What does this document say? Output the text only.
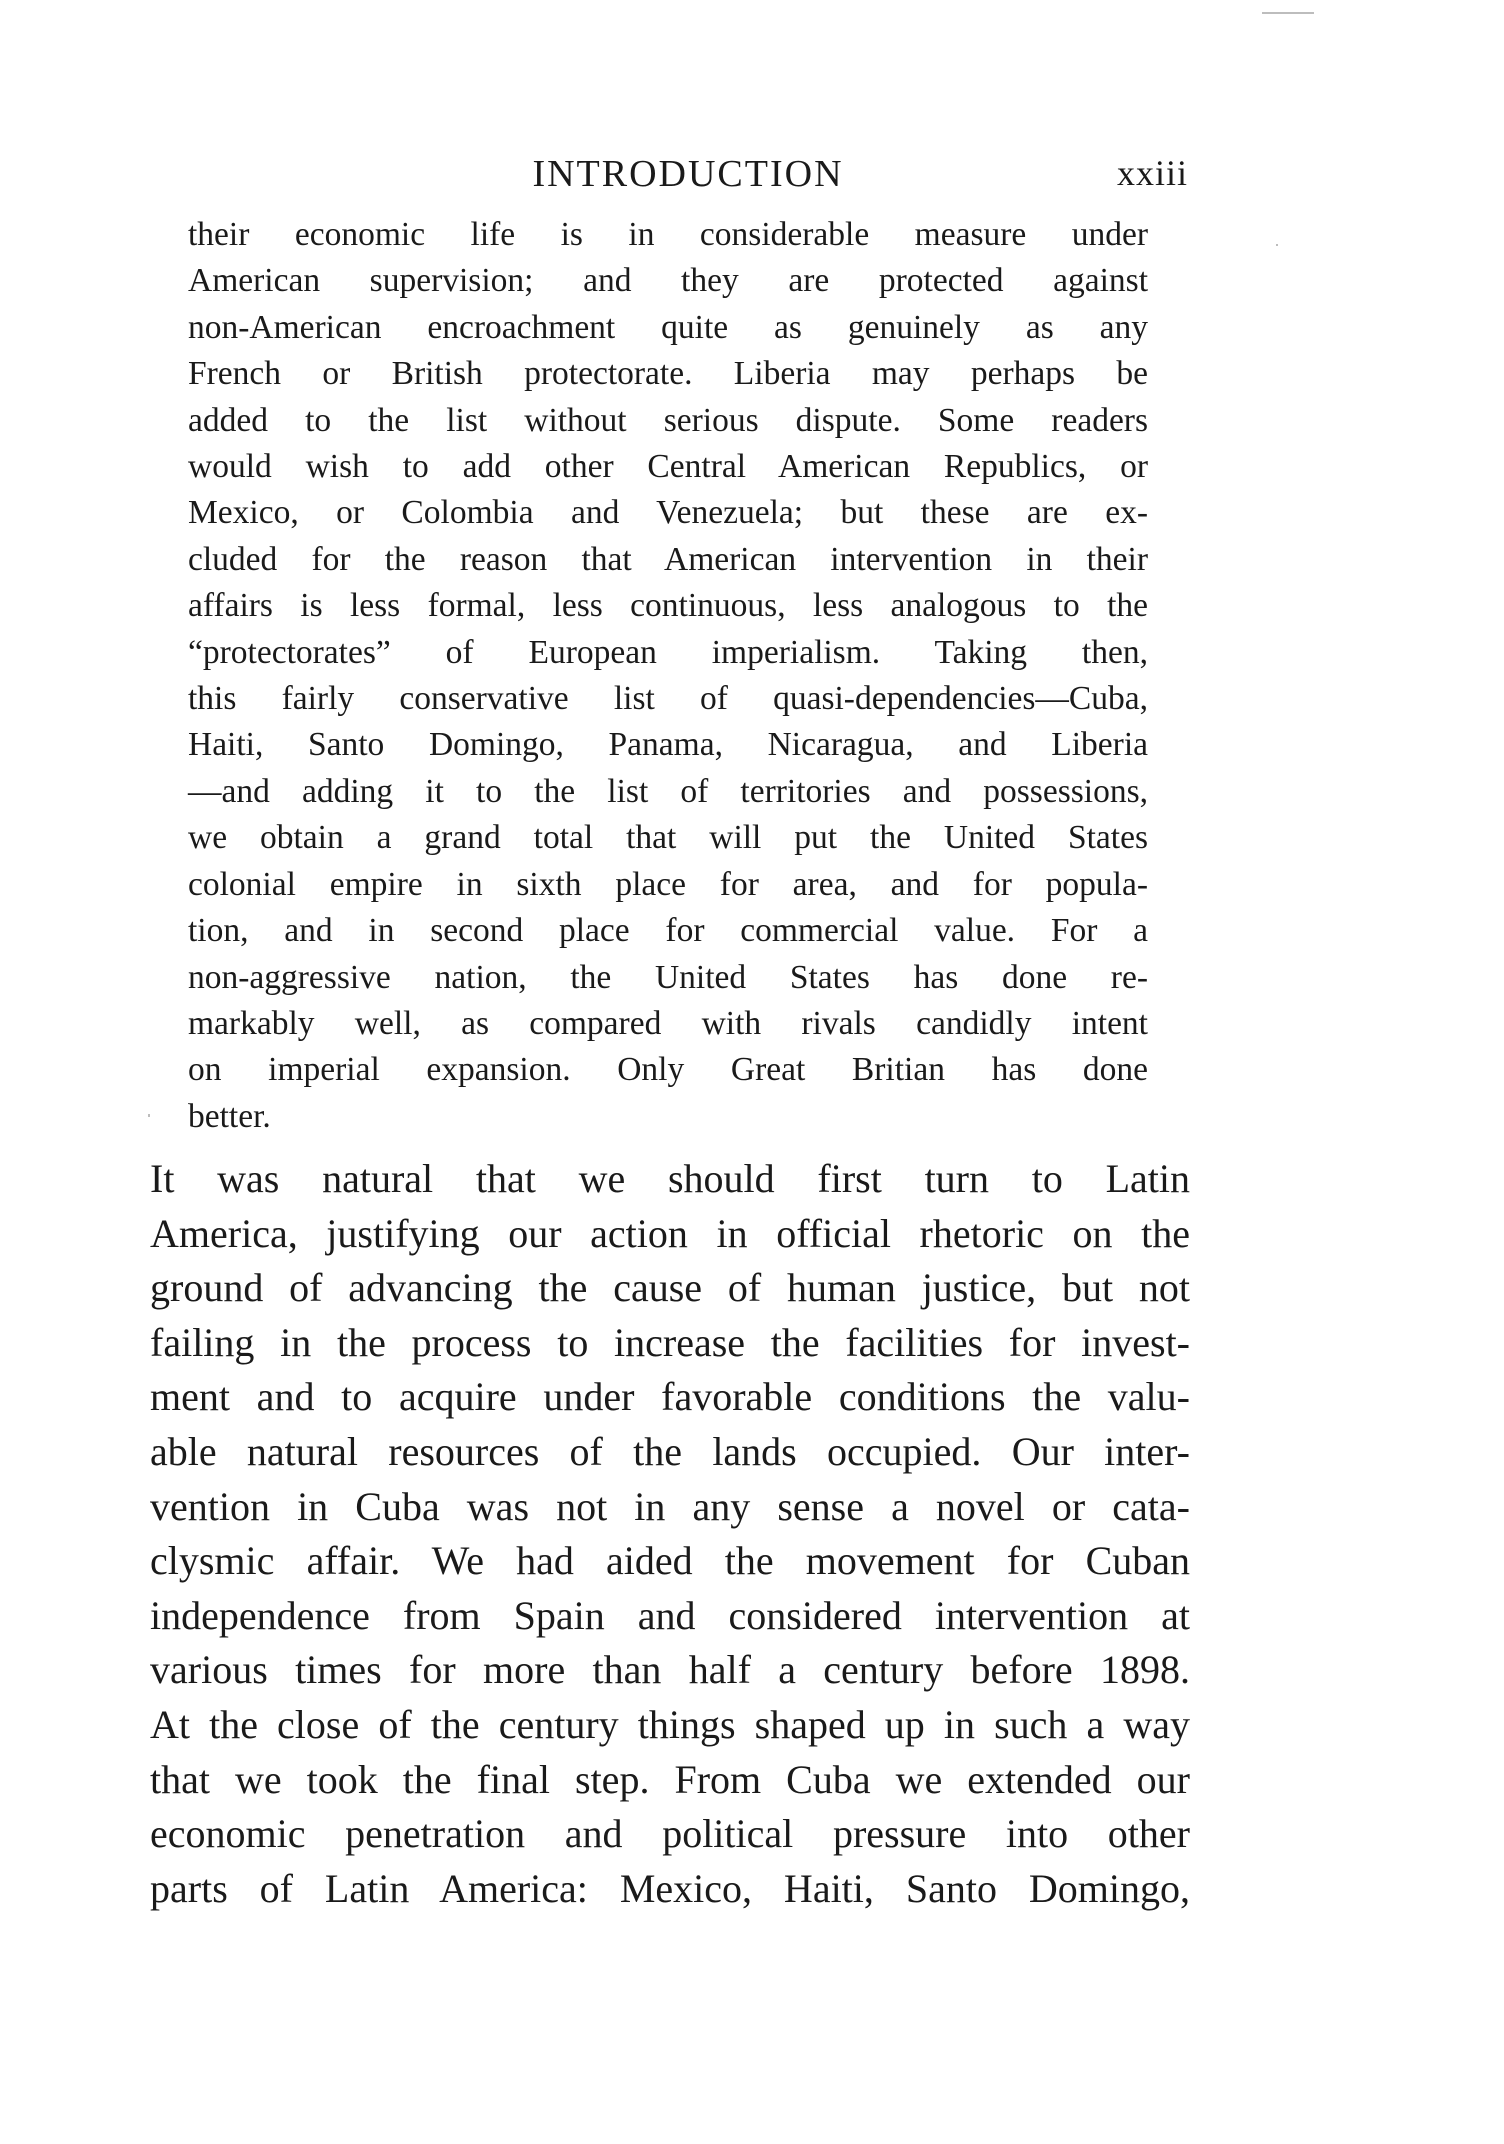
INTRODUCTION	xxiii
their economic life is in considerable measure under
American supervision; and they are protected against
non-American encroachment quite as genuinely as any
French or British protectorate. Liberia may perhaps be
added to the list without serious dispute. Some readers
would wish to add other Central American Republics, or
Mexico, or Colombia and Venezuela; but these are ex-
cluded for the reason that American intervention in their
affairs is less formal, less continuous, less analogous to the
“protectorates” of European imperialism. Taking then,
this fairly conservative list of quasi-dependencies—Cuba,
Haiti, Santo Domingo, Panama, Nicaragua, and Liberia
—and adding it to the list of territories and possessions,
we obtain a grand total that will put the United States
colonial empire in sixth place for area, and for popula-
tion, and in second place for commercial value. For a
non-aggressive nation, the United States has done re-
markably well, as compared with rivals candidly intent
on imperial expansion. Only Great Britian has done
better.
It was natural that we should first turn to Latin
America, justifying our action in official rhetoric on the
ground of advancing the cause of human justice, but not
failing in the process to increase the facilities for invest-
ment and to acquire under favorable conditions the valu-
able natural resources of the lands occupied. Our inter-
vention in Cuba was not in any sense a novel or cata-
clysmic affair. We had aided the movement for Cuban
independence from Spain and considered intervention at
various times for more than half a century before 1898.
At the close of the century things shaped up in such a way
that we took the final step. From Cuba we extended our
economic penetration and political pressure into other
parts of Latin America: Mexico, Haiti, Santo Domingo,
